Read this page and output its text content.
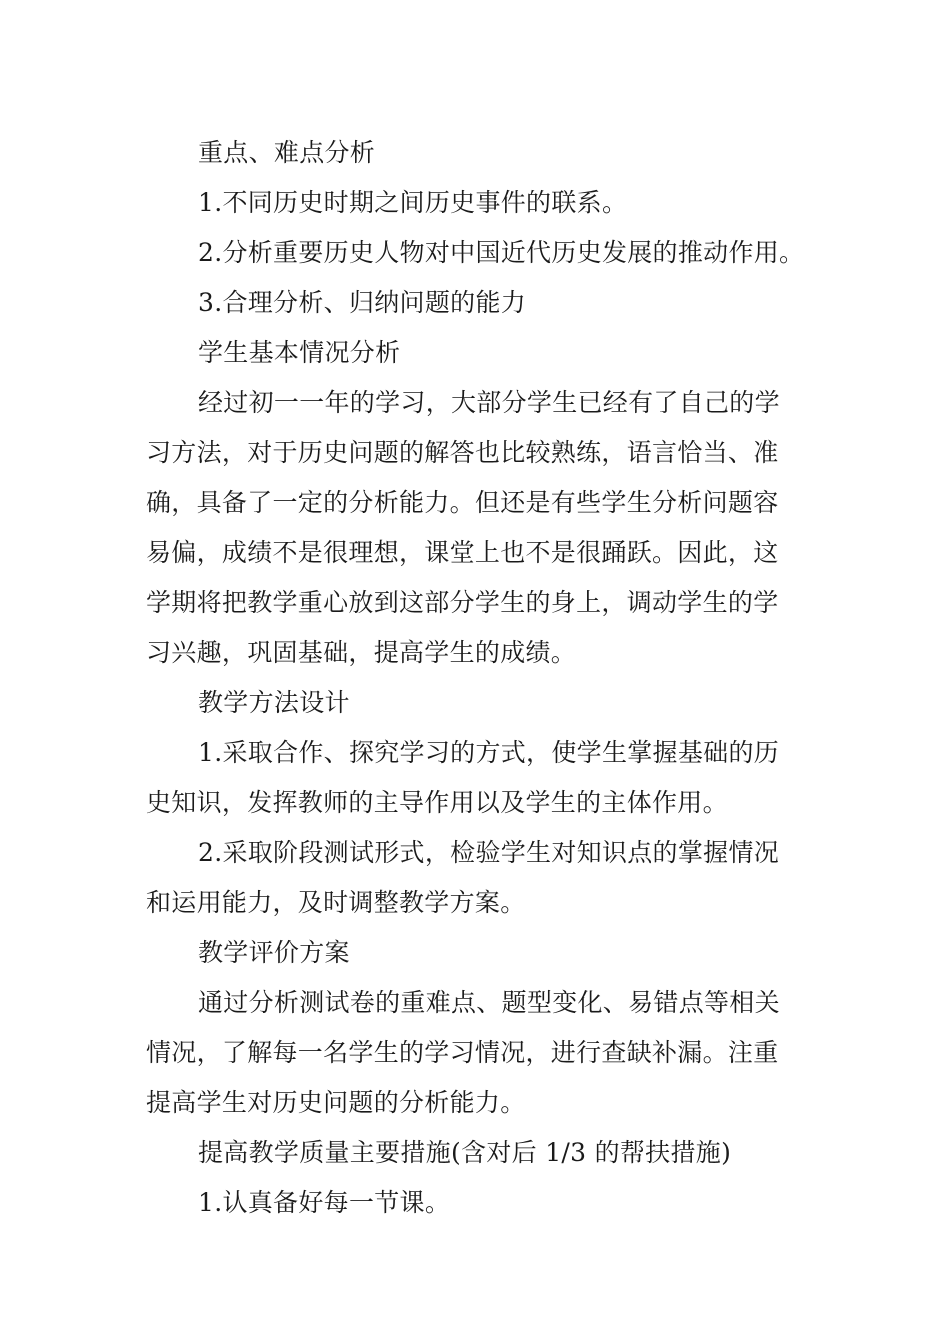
重点、难点分析
1.不同历史时期之间历史事件的联系。
2.分析重要历史人物对中国近代历史发展的推动作用。
3.合理分析、归纳问题的能力
学生基本情况分析
经过初一一年的学习，大部分学生已经有了自己的学
习方法，对于历史问题的解答也比较熟练，语言恰当、准
确，具备了一定的分析能力。但还是有些学生分析问题容
易偏，成绩不是很理想，课堂上也不是很踊跃。因此，这
学期将把教学重心放到这部分学生的身上，调动学生的学
习兴趣，巩固基础，提高学生的成绩。
教学方法设计
1.采取合作、探究学习的方式，使学生掌握基础的历
史知识，发挥教师的主导作用以及学生的主体作用。
2.采取阶段测试形式，检验学生对知识点的掌握情况
和运用能力，及时调整教学方案。
教学评价方案
通过分析测试卷的重难点、题型变化、易错点等相关
情况，了解每一名学生的学习情况，进行查缺补漏。注重
提高学生对历史问题的分析能力。
提高教学质量主要措施(含对后 1/3 的帮扶措施)
1.认真备好每一节课。
